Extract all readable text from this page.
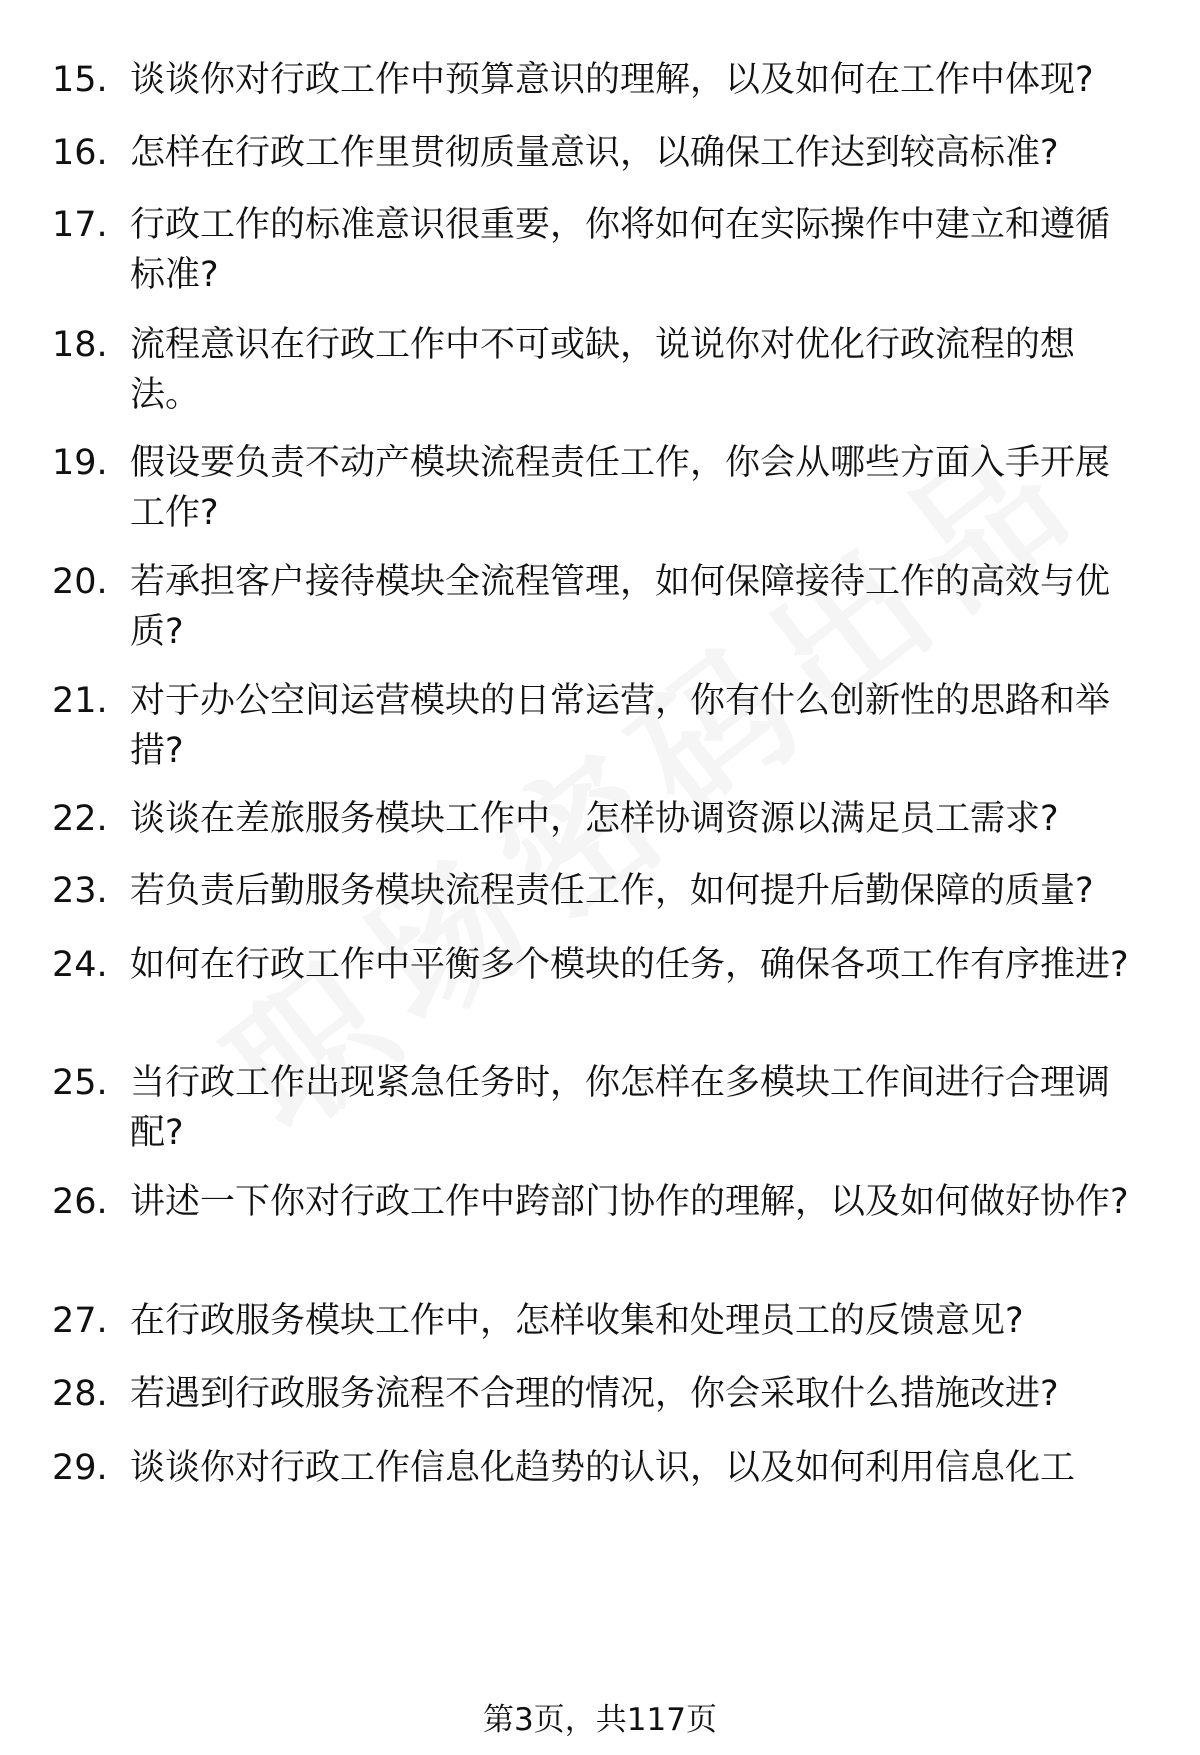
15. 谈谈你对行政工作中预算意识的理解，以及如何在工作中体现?
16. 怎样在行政工作里贯彻质量意识，以确保工作达到较高标准?
17. 行政工作的标准意识很重要，你将如何在实际操作中建立和遵循标准?
18. 流程意识在行政工作中不可或缺，说说你对优化行政流程的想法。
19. 假设要负责不动产模块流程责任工作，你会从哪些方面入手开展工作?
20. 若承担客户接待模块全流程管理，如何保障接待工作的高效与优质?
21. 对于办公空间运营模块的日常运营，你有什么创新性的思路和举措?
22. 谈谈在差旅服务模块工作中，怎样协调资源以满足员工需求?
23. 若负责后勤服务模块流程责任工作，如何提升后勤保障的质量?
24. 如何在行政工作中平衡多个模块的任务，确保各项工作有序推进?
25. 当行政工作出现紧急任务时，你怎样在多模块工作间进行合理调配?
26. 讲述一下你对行政工作中跨部门协作的理解，以及如何做好协作?
27. 在行政服务模块工作中，怎样收集和处理员工的反馈意见?
28. 若遇到行政服务流程不合理的情况，你会采取什么措施改进?
29. 谈谈你对行政工作信息化趋势的认识，以及如何利用信息化工
第3页，共117页
